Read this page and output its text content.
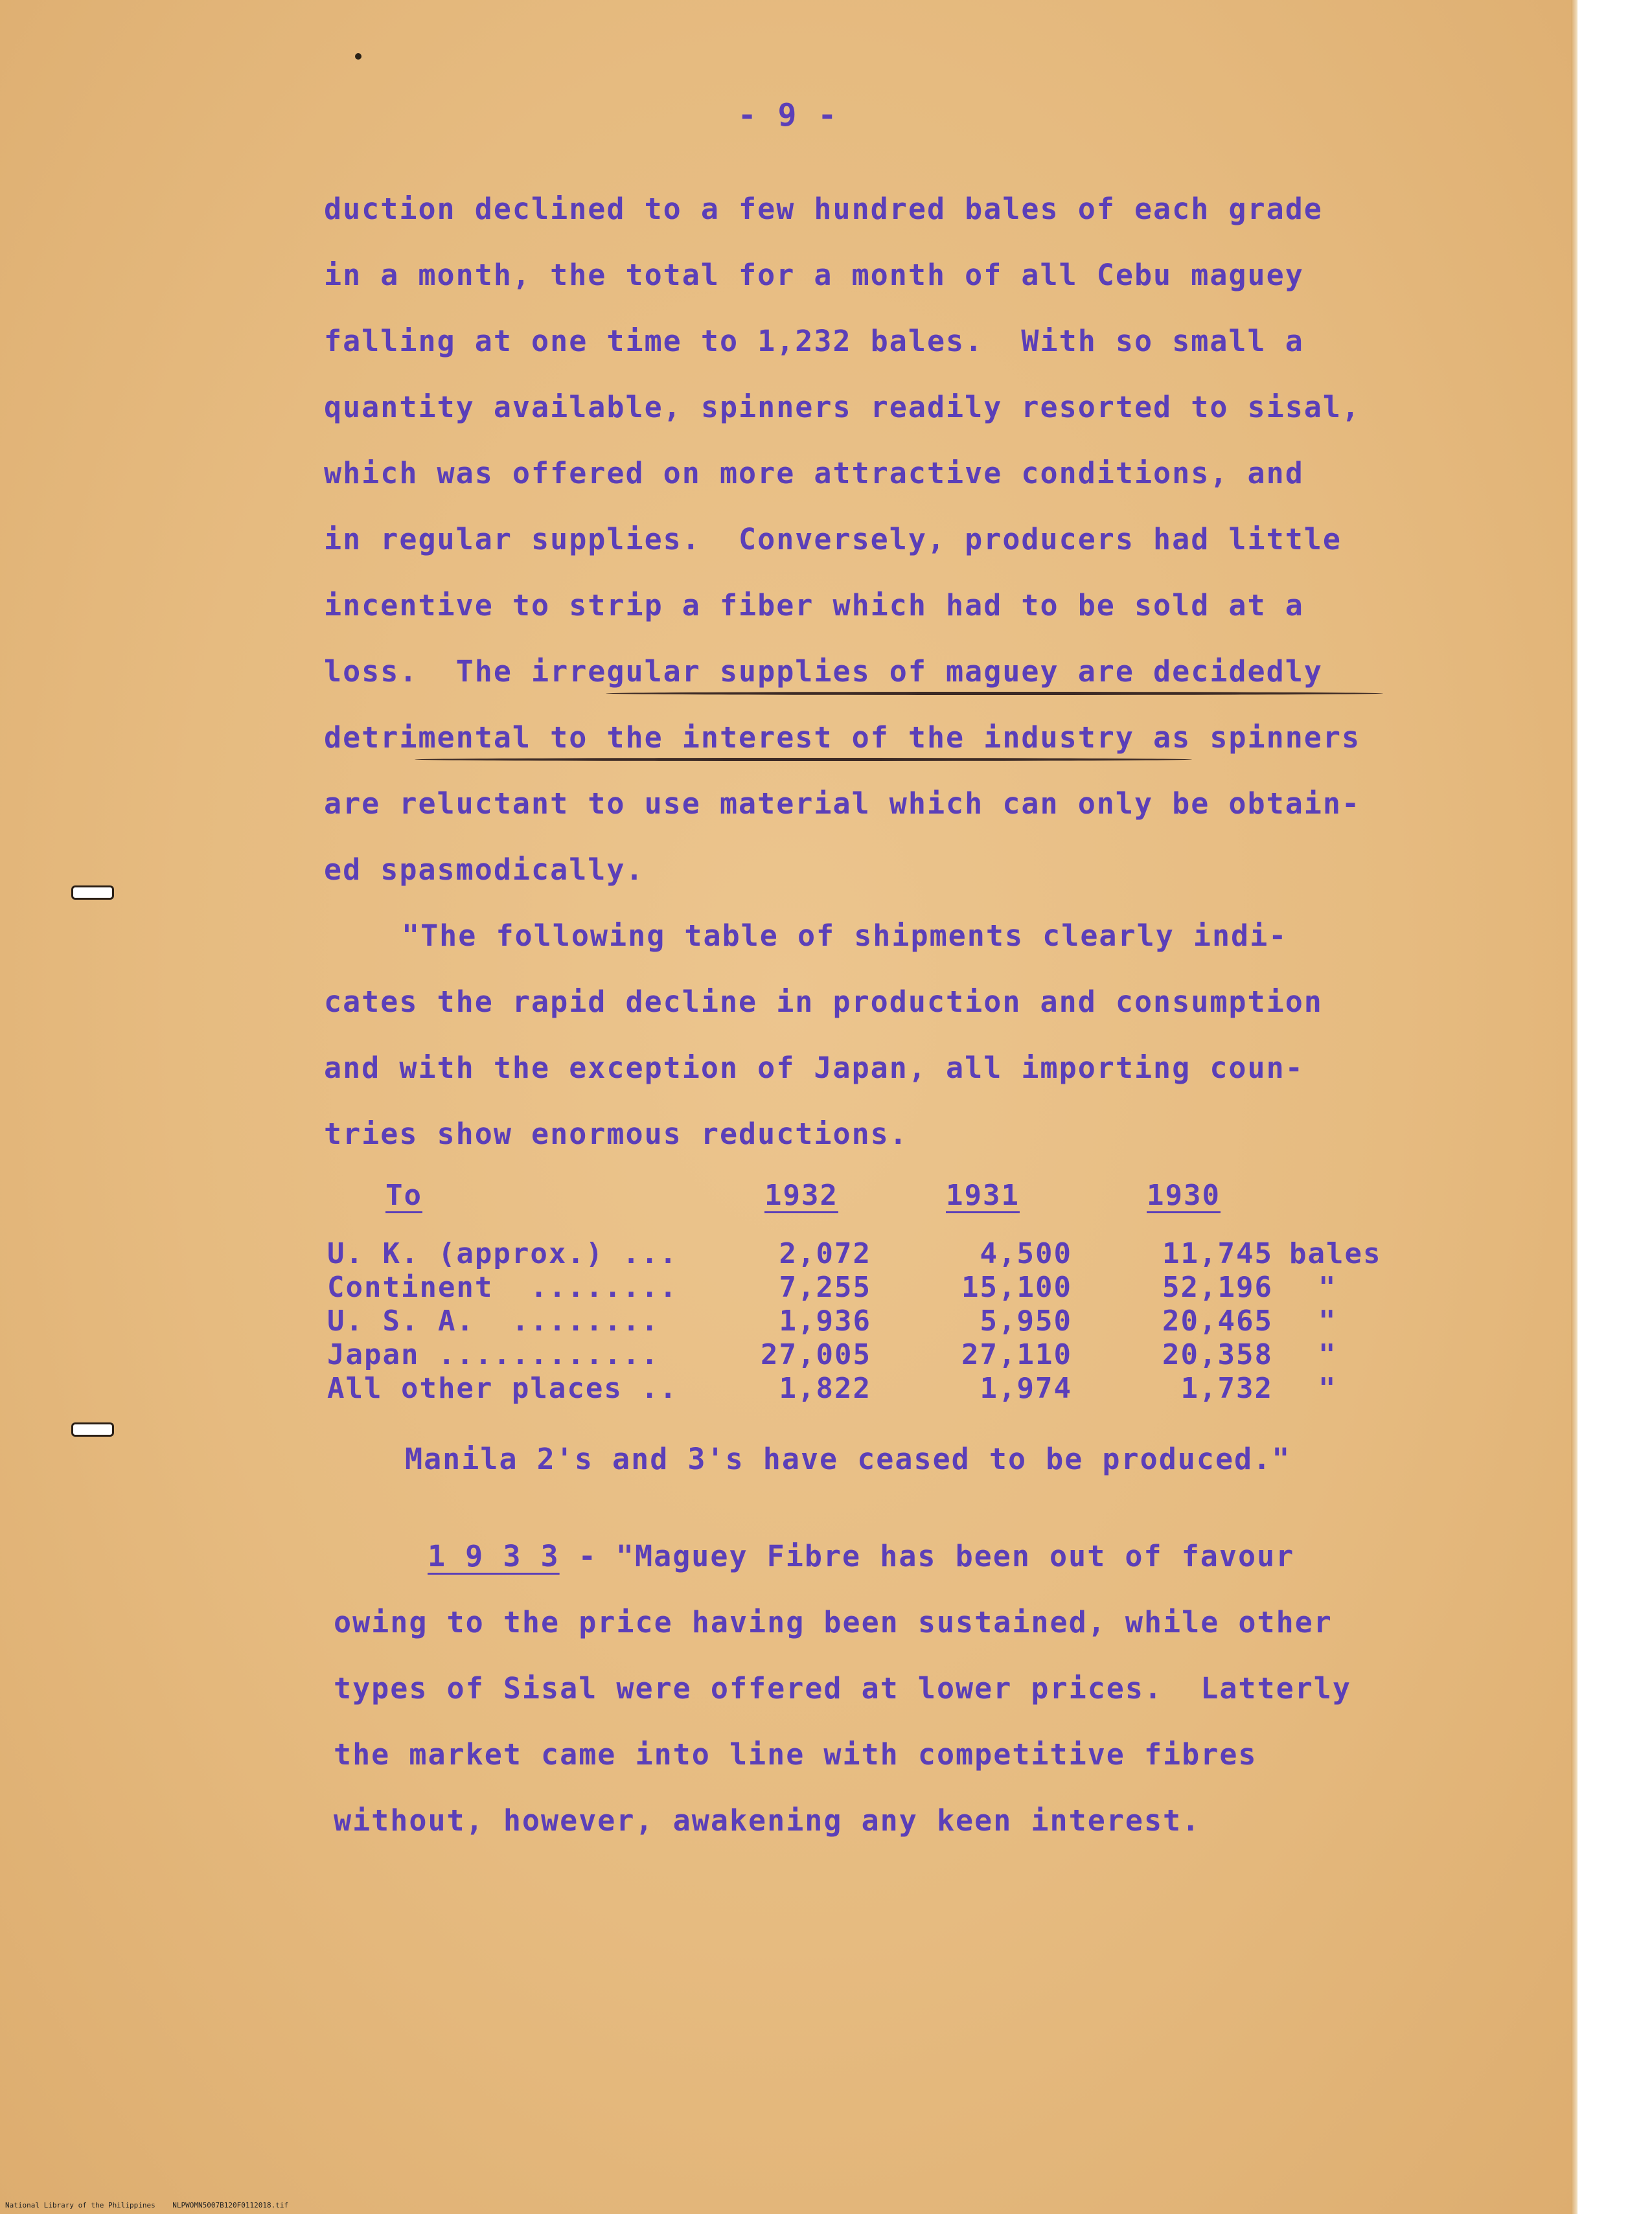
- 9 -

duction declined to a few hundred bales of each grade

in a month, the total for a month of all Cebu maguey

falling at one time to 1,232 bales.  With so small a

quantity available, spinners readily resorted to sisal,

which was offered on more attractive conditions, and

in regular supplies.  Conversely, producers had little

incentive to strip a fiber which had to be sold at a

loss.  The irregular supplies of maguey are decidedly

detrimental to the interest of the industry as spinners

are reluctant to use material which can only be obtain-

ed spasmodically.

"The following table of shipments clearly indi-

cates the rapid decline in production and consumption

and with the exception of Japan, all importing coun-

tries show enormous reductions.

To	1932	1931	1930

U. K. (approx.) ...	2,072	4,500	11,745 bales

Continent  ........	7,255	15,100	52,196 "

U. S. A.  ........	1,936	5,950	20,465 "

Japan ............	27,005	27,110	20,358 "

All other places ..	1,822	1,974	1,732 "

Manila 2's and 3's have ceased to be produced."

1 9 3 3 - "Maguey Fibre has been out of favour

owing to the price having been sustained, while other

types of Sisal were offered at lower prices.  Latterly

the market came into line with competitive fibres

without, however, awakening any keen interest.

National Library of the Philippines    NLPWOMN5007B120F0112018.tif
